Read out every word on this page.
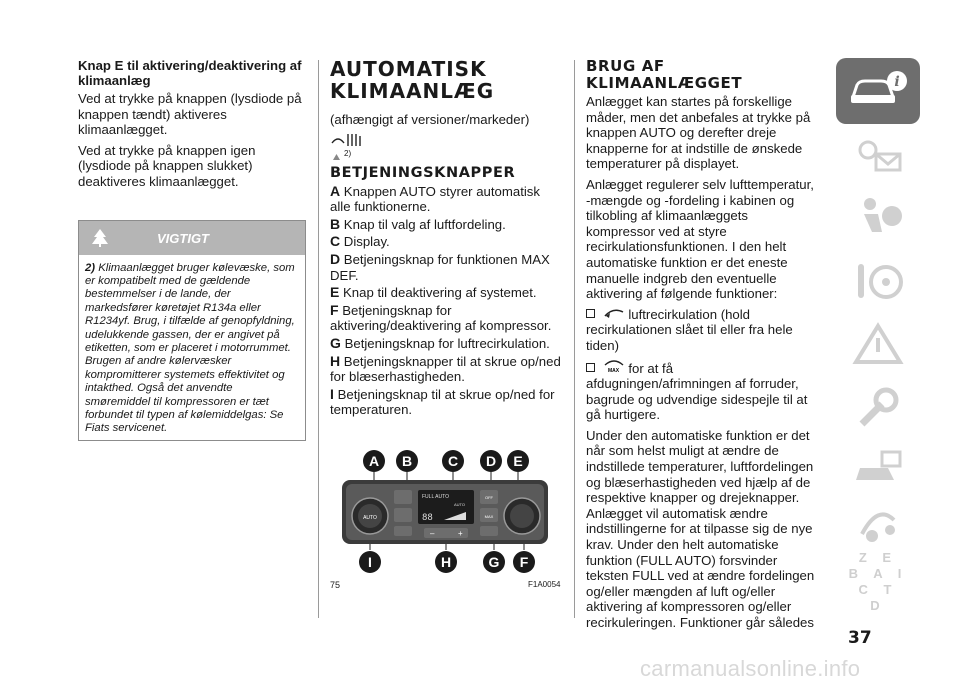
Knap E til aktivering/deaktivering af klimaanlæg

Ved at trykke på knappen (lysdiode på knappen tændt) aktiveres klimaanlægget.

Ved at trykke på knappen igen (lysdiode på knappen slukket) deaktiveres klimaanlægget.

VIGTIGT
2) Klimaanlægget bruger kølevæske, som er kompatibelt med de gældende bestemmelser i de lande, der markedsfører køretøjet R134a eller R1234yf. Brug, i tilfælde af genopfyldning, udelukkende gassen, der er angivet på etiketten, som er placeret i motorrummet. Brugen af andre kølervæsker kompromitterer systemets effektivitet og intakthed. Også det anvendte smøremiddel til kompressoren er tæt forbundet til typen af kølemiddelgas: Se Fiats servicenet.
AUTOMATISK KLIMAANLÆG

(afhængigt af versioner/markeder)

2)
BETJENINGSKNAPPER
A Knappen AUTO styrer automatisk alle funktionerne.
B Knap til valg af luftfordeling.
C Display.
D Betjeningsknap for funktionen MAX DEF.
E Knap til deaktivering af systemet.
F Betjeningsknap for aktivering/deaktivering af kompressor.
G Betjeningsknap for luftrecirkulation.
H Betjeningsknapper til at skrue op/ned for blæserhastigheden.
I Betjeningsknap til at skrue op/ned for temperaturen.
AUTO
FULL AUTO
AUTO
88
OFF
MAX
–	+
A	B	C	D	E
I	H	G	F
75	F1A0054
BRUG AF KLIMAANLÆGGET

Anlægget kan startes på forskellige måder, men det anbefales at trykke på knappen AUTO og derefter dreje knapperne for at indstille de ønskede temperaturer på displayet.

Anlægget regulerer selv lufttemperatur, -mængde og -fordeling i kabinen og tilkobling af klimaanlæggets kompressor ved at styre recirkulationsfunktionen. I den helt automatiske funktion er det eneste manuelle indgreb den eventuelle aktivering af følgende funktioner:

luftrecirkulation (hold recirkulationen slået til eller fra hele tiden)

MAX for at få afdugningen/afrimningen af forruder, bagrude og udvendige sidespejle til at gå hurtigere.

Under den automatiske funktion er det når som helst muligt at ændre de indstillede temperaturer, luftfordelingen og blæserhastigheden ved hjælp af de respektive knapper og drejeknapper. Anlægget vil automatisk ændre indstillingerne for at tilpasse sig de nye krav. Under den helt automatiske funktion (FULL AUTO) forsvinder teksten FULL ved at ændre fordelingen og/eller mængden af luft og/eller aktivering af kompressoren og/eller recirkuleringen. Funktioner går således

i
Z E B A I C T D
37
carmanualsonline.info
